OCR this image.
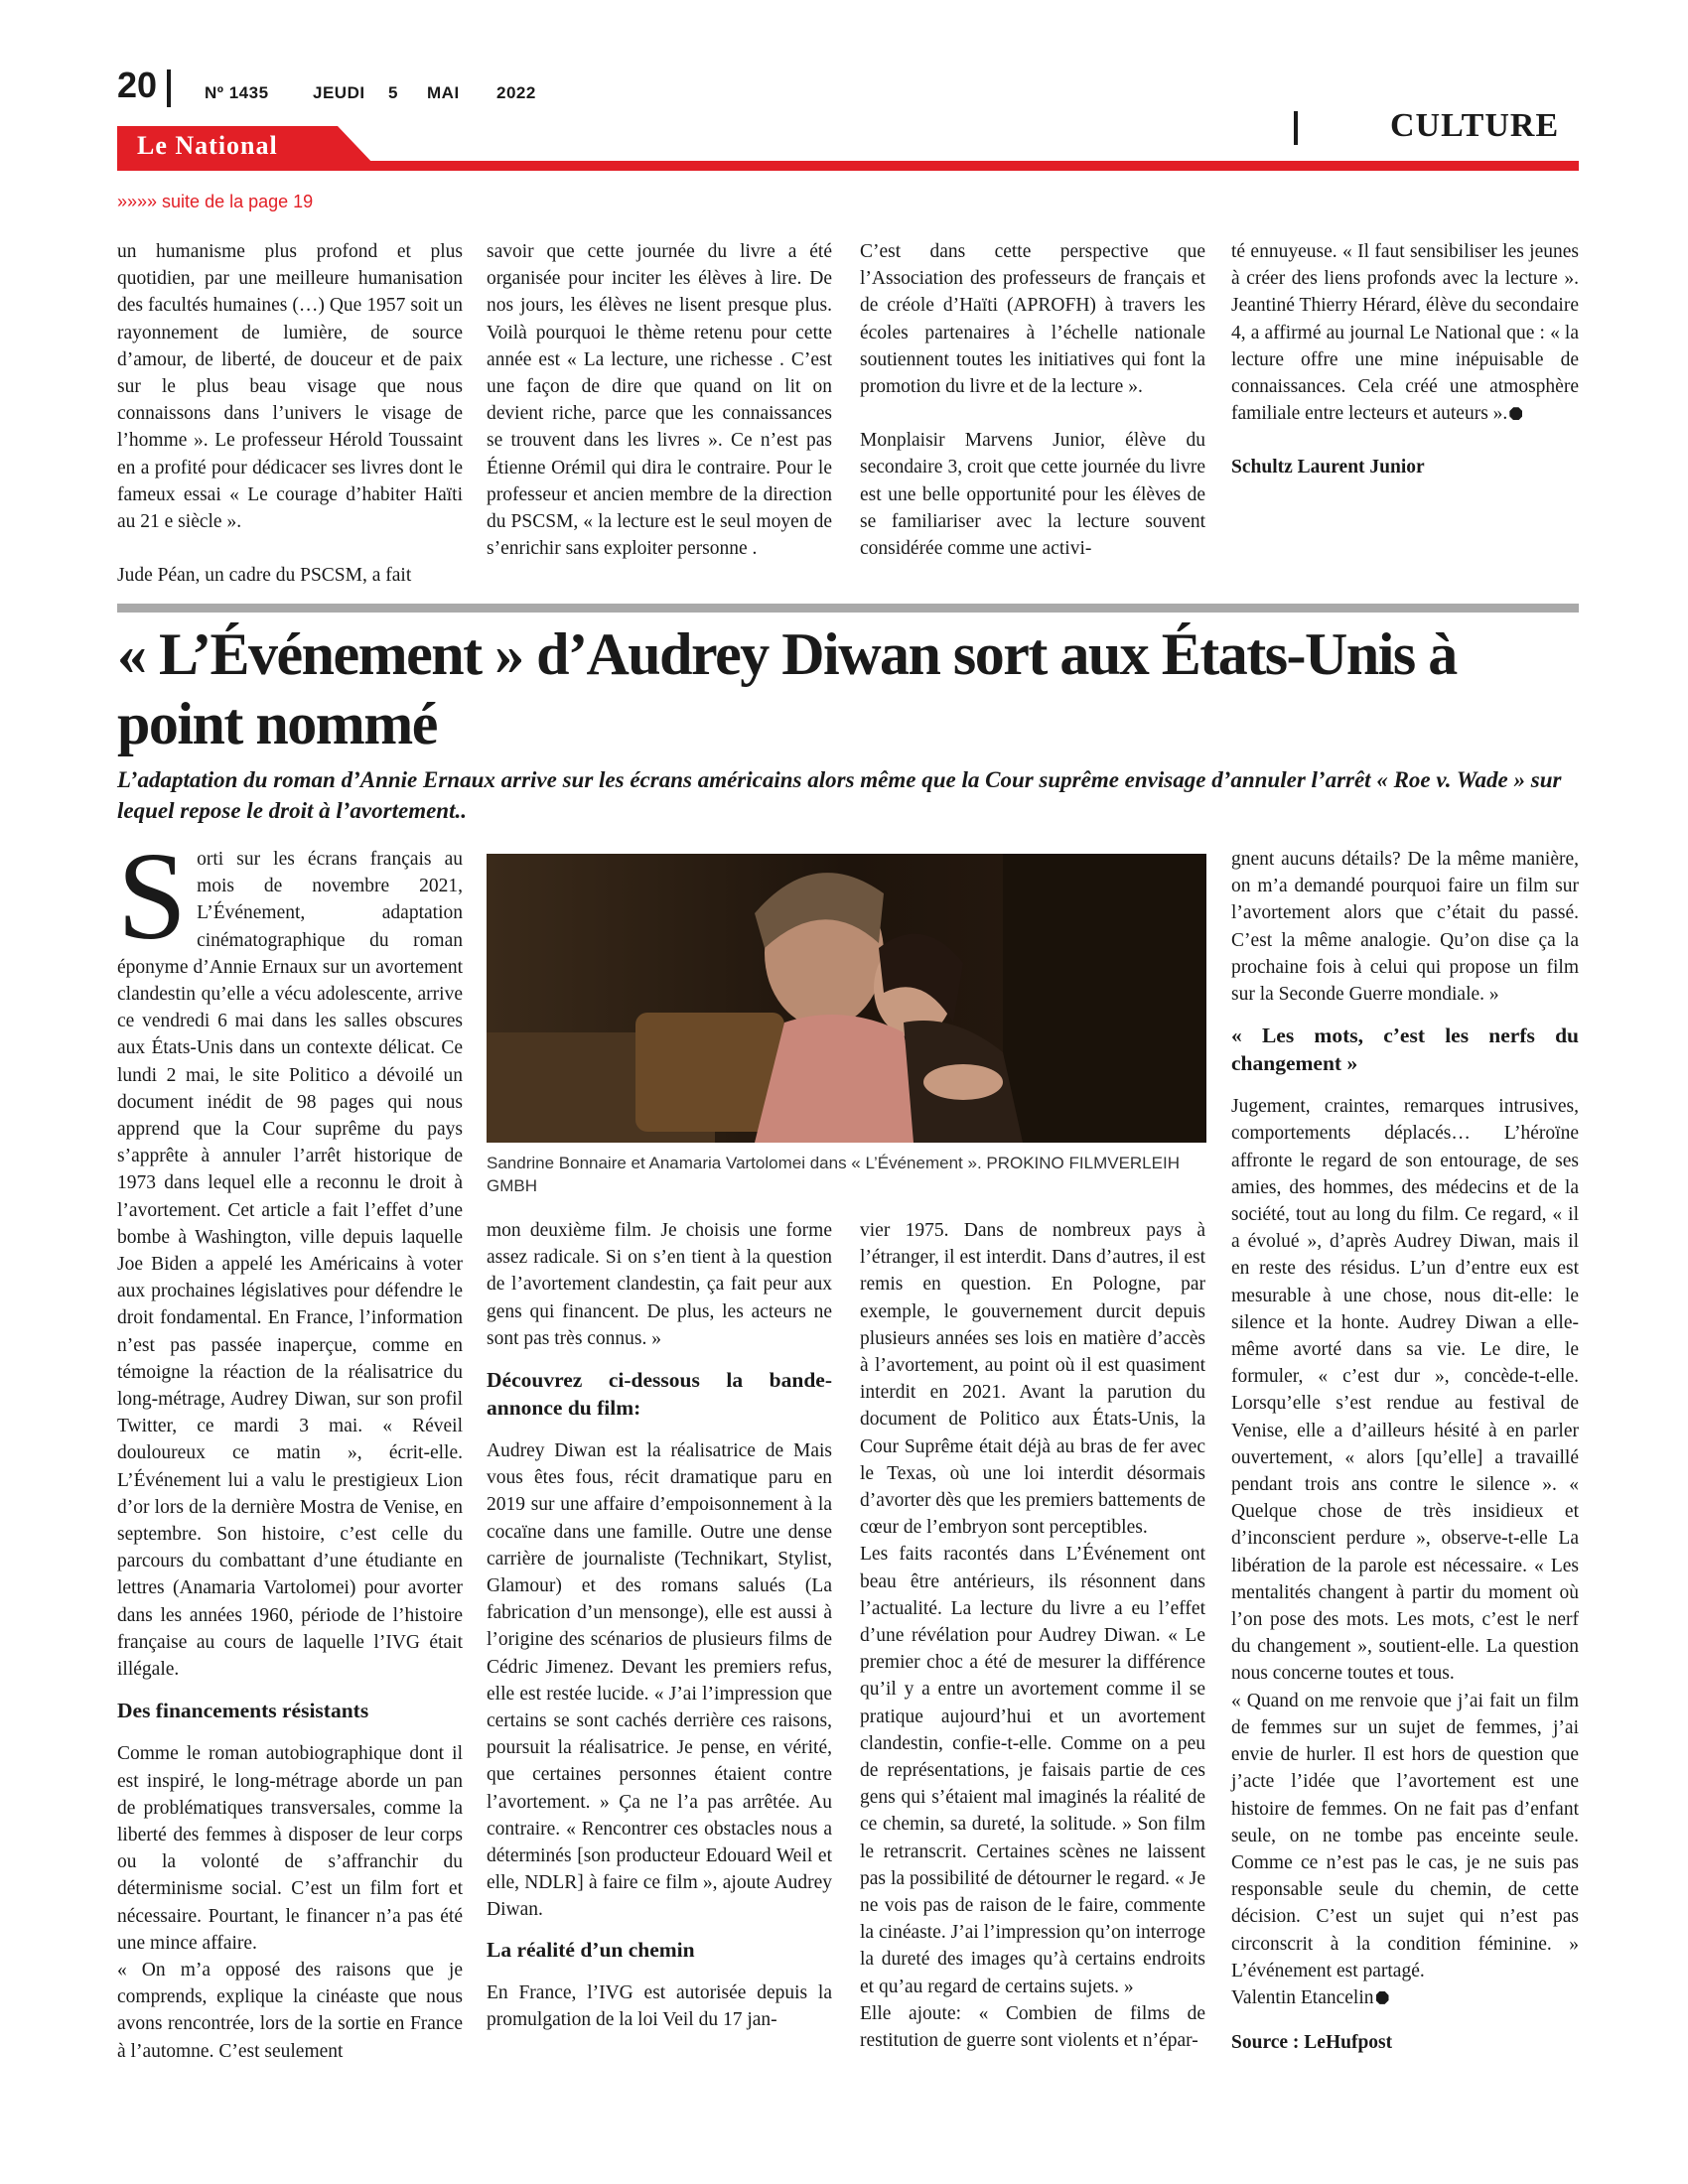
20	Nº 1435	JEUDI 5 MAI 2022
Le National
CULTURE
»»»» suite de la page 19

un humanisme plus profond et plus quotidien, par une meilleure humanisation des facultés humaines (…) Que 1957 soit un rayonnement de lumière, de source d’amour, de liberté, de douceur et de paix sur le plus beau visage que nous connaissons dans l’univers le visage de l’homme ». Le professeur Hérold Toussaint en a profité pour dédicacer ses livres dont le fameux essai « Le courage d’habiter Haïti au 21 e siècle ».

Jude Péan, un cadre du PSCSM, a fait

savoir que cette journée du livre a été organisée pour inciter les élèves à lire. De nos jours, les élèves ne lisent presque plus. Voilà pourquoi le thème retenu pour cette année est « La lecture, une richesse . C’est une façon de dire que quand on lit on devient riche, parce que les connaissances se trouvent dans les livres ». Ce n’est pas Étienne Orémil qui dira le contraire. Pour le professeur et ancien membre de la direction du PSCSM, « la lecture est le seul moyen de s’enrichir sans exploiter personne .

C’est dans cette perspective que l’Association des professeurs de français et de créole d’Haïti (APROFH) à travers les écoles partenaires à l’échelle nationale soutiennent toutes les initiatives qui font la promotion du livre et de la lecture ».

Monplaisir Marvens Junior, élève du secondaire 3, croit que cette journée du livre est une belle opportunité pour les élèves de se familiariser avec la lecture souvent considérée comme une activi-

té ennuyeuse. « Il faut sensibiliser les jeunes à créer des liens profonds avec la lecture ». Jeantiné Thierry Hérard, élève du secondaire 4, a affirmé au journal Le National que : « la lecture offre une mine inépuisable de connaissances. Cela créé une atmosphère familiale entre lecteurs et auteurs ».

Schultz Laurent Junior

« L’Événement » d’Audrey Diwan sort aux États-Unis à point nommé
L’adaptation du roman d’Annie Ernaux arrive sur les écrans américains alors même que la Cour suprême envisage d’annuler l’arrêt « Roe v. Wade » sur lequel repose le droit à l’avortement..
Sandrine Bonnaire et Anamaria Vartolomei dans « L’Événement ». PROKINO FILMVERLEIH GMBH

Sorti sur les écrans français au mois de novembre 2021, L’Événement, adaptation cinématographique du roman éponyme d’Annie Ernaux sur un avortement clandestin qu’elle a vécu adolescente, arrive ce vendredi 6 mai dans les salles obscures aux États-Unis dans un contexte délicat. Ce lundi 2 mai, le site Politico a dévoilé un document inédit de 98 pages qui nous apprend que la Cour suprême du pays s’apprête à annuler l’arrêt historique de 1973 dans lequel elle a reconnu le droit à l’avortement. Cet article a fait l’effet d’une bombe à Washington, ville depuis laquelle Joe Biden a appelé les Américains à voter aux prochaines législatives pour défendre le droit fondamental. En France, l’information n’est pas passée inaperçue, comme en témoigne la réaction de la réalisatrice du long-métrage, Audrey Diwan, sur son profil Twitter, ce mardi 3 mai. « Réveil douloureux ce matin », écrit-elle. L’Événement lui a valu le prestigieux Lion d’or lors de la dernière Mostra de Venise, en septembre. Son histoire, c’est celle du parcours du combattant d’une étudiante en lettres (Anamaria Vartolomei) pour avorter dans les années 1960, période de l’histoire française au cours de laquelle l’IVG était illégale.

Des financements résistants

Comme le roman autobiographique dont il est inspiré, le long-métrage aborde un pan de problématiques transversales, comme la liberté des femmes à disposer de leur corps ou la volonté de s’affranchir du déterminisme social. C’est un film fort et nécessaire. Pourtant, le financer n’a pas été une mince affaire.

« On m’a opposé des raisons que je comprends, explique la cinéaste que nous avons rencontrée, lors de la sortie en France à l’automne. C’est seulement

mon deuxième film. Je choisis une forme assez radicale. Si on s’en tient à la question de l’avortement clandestin, ça fait peur aux gens qui financent. De plus, les acteurs ne sont pas très connus. »

Découvrez ci-dessous la bande-annonce du film:

Audrey Diwan est la réalisatrice de Mais vous êtes fous, récit dramatique paru en 2019 sur une affaire d’empoisonnement à la cocaïne dans une famille. Outre une dense carrière de journaliste (Technikart, Stylist, Glamour) et des romans salués (La fabrication d’un mensonge), elle est aussi à l’origine des scénarios de plusieurs films de Cédric Jimenez. Devant les premiers refus, elle est restée lucide. « J’ai l’impression que certains se sont cachés derrière ces raisons, poursuit la réalisatrice. Je pense, en vérité, que certaines personnes étaient contre l’avortement. » Ça ne l’a pas arrêtée. Au contraire. « Rencontrer ces obstacles nous a déterminés [son producteur Edouard Weil et elle, NDLR] à faire ce film », ajoute Audrey Diwan.

La réalité d’un chemin

En France, l’IVG est autorisée depuis la promulgation de la loi Veil du 17 jan-

vier 1975. Dans de nombreux pays à l’étranger, il est interdit. Dans d’autres, il est remis en question. En Pologne, par exemple, le gouvernement durcit depuis plusieurs années ses lois en matière d’accès à l’avortement, au point où il est quasiment interdit en 2021. Avant la parution du document de Politico aux États-Unis, la Cour Suprême était déjà au bras de fer avec le Texas, où une loi interdit désormais d’avorter dès que les premiers battements de cœur de l’embryon sont perceptibles.

Les faits racontés dans L’Événement ont beau être antérieurs, ils résonnent dans l’actualité. La lecture du livre a eu l’effet d’une révélation pour Audrey Diwan. « Le premier choc a été de mesurer la différence qu’il y a entre un avortement comme il se pratique aujourd’hui et un avortement clandestin, confie-t-elle. Comme on a peu de représentations, je faisais partie de ces gens qui s’étaient mal imaginés la réalité de ce chemin, sa dureté, la solitude. » Son film le retranscrit. Certaines scènes ne laissent pas la possibilité de détourner le regard. « Je ne vois pas de raison de le faire, commente la cinéaste. J’ai l’impression qu’on interroge la dureté des images qu’à certains endroits et qu’au regard de certains sujets. »

Elle ajoute: « Combien de films de restitution de guerre sont violents et n’épar-

gnent aucuns détails? De la même manière, on m’a demandé pourquoi faire un film sur l’avortement alors que c’était du passé. C’est la même analogie. Qu’on dise ça la prochaine fois à celui qui propose un film sur la Seconde Guerre mondiale. »

« Les mots, c’est les nerfs du changement »

Jugement, craintes, remarques intrusives, comportements déplacés… L’héroïne affronte le regard de son entourage, de ses amies, des hommes, des médecins et de la société, tout au long du film. Ce regard, « il a évolué », d’après Audrey Diwan, mais il en reste des résidus. L’un d’entre eux est mesurable à une chose, nous dit-elle: le silence et la honte. Audrey Diwan a elle-même avorté dans sa vie. Le dire, le formuler, « c’est dur », concède-t-elle. Lorsqu’elle s’est rendue au festival de Venise, elle a d’ailleurs hésité à en parler ouvertement, « alors [qu’elle] a travaillé pendant trois ans contre le silence ». « Quelque chose de très insidieux et d’inconscient perdure », observe-t-elle La libération de la parole est nécessaire. « Les mentalités changent à partir du moment où l’on pose des mots. Les mots, c’est le nerf du changement », soutient-elle. La question nous concerne toutes et tous.

« Quand on me renvoie que j’ai fait un film de femmes sur un sujet de femmes, j’ai envie de hurler. Il est hors de question que j’acte l’idée que l’avortement est une histoire de femmes. On ne fait pas d’enfant seule, on ne tombe pas enceinte seule. Comme ce n’est pas le cas, je ne suis pas responsable seule du chemin, de cette décision. C’est un sujet qui n’est pas circonscrit à la condition féminine. » L’événement est partagé.

Valentin Etancelin

Source : LeHufpost
